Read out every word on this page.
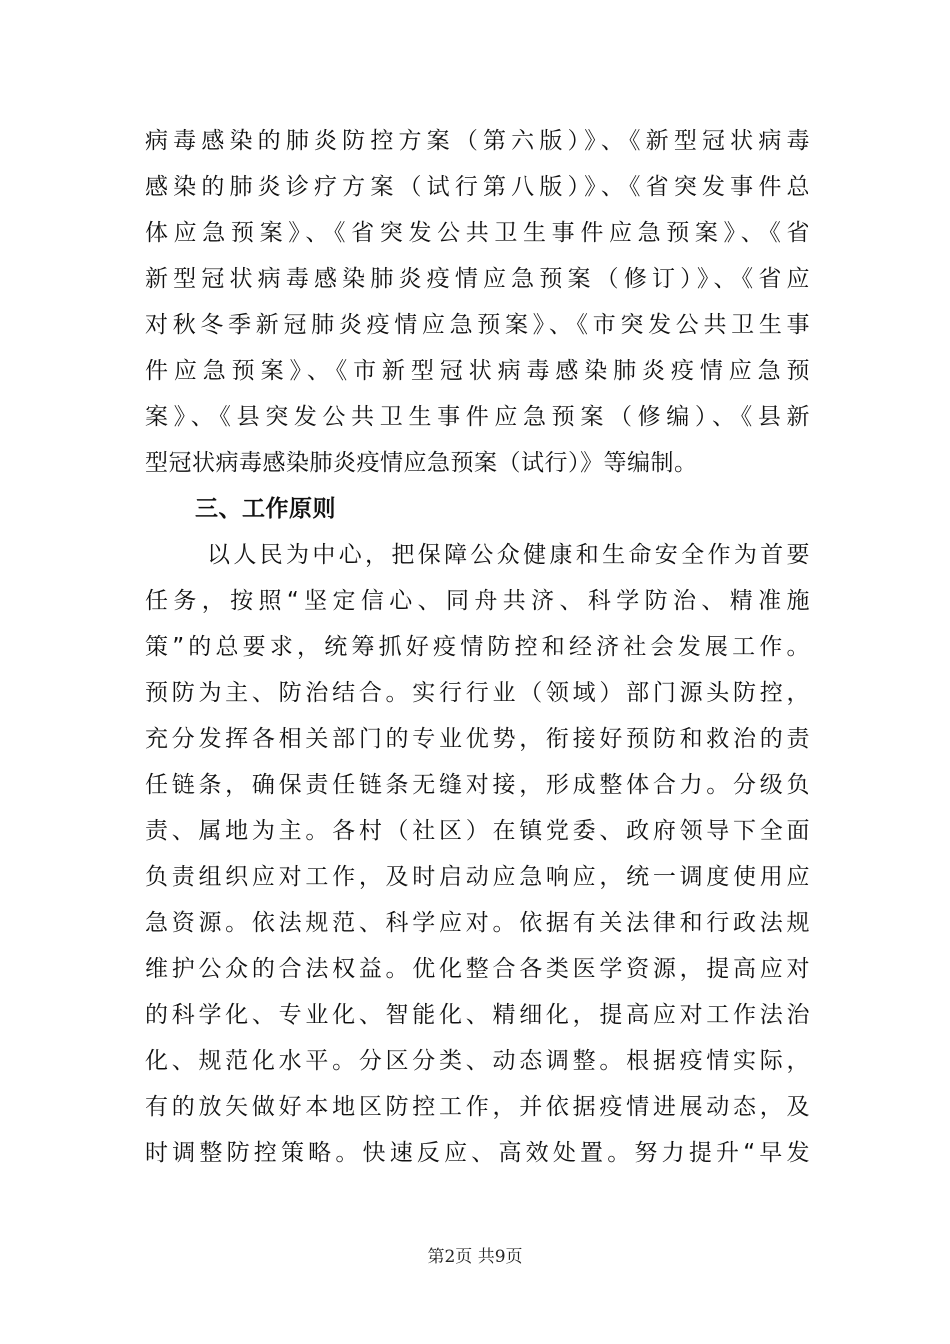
病毒感染的肺炎防控方案（第六版）》、《新型冠状病毒
感染的肺炎诊疗方案（试行第八版）》、《省突发事件总
体应急预案》、《省突发公共卫生事件应急预案》、《省
新型冠状病毒感染肺炎疫情应急预案（修订）》、《省应
对秋冬季新冠肺炎疫情应急预案》、《市突发公共卫生事
件应急预案》、《市新型冠状病毒感染肺炎疫情应急预
案》、《县突发公共卫生事件应急预案（修编）、《县新
型冠状病毒感染肺炎疫情应急预案（试行）》等编制。
三、工作原则
以人民为中心，把保障公众健康和生命安全作为首要
任务，按照“坚定信心、同舟共济、科学防治、精准施
策”的总要求，统筹抓好疫情防控和经济社会发展工作。
预防为主、防治结合。实行行业（领域）部门源头防控，
充分发挥各相关部门的专业优势，衔接好预防和救治的责
任链条，确保责任链条无缝对接，形成整体合力。分级负
责、属地为主。各村（社区）在镇党委、政府领导下全面
负责组织应对工作，及时启动应急响应，统一调度使用应
急资源。依法规范、科学应对。依据有关法律和行政法规
维护公众的合法权益。优化整合各类医学资源，提高应对
的科学化、专业化、智能化、精细化，提高应对工作法治
化、规范化水平。分区分类、动态调整。根据疫情实际，
有的放矢做好本地区防控工作，并依据疫情进展动态，及
时调整防控策略。快速反应、高效处置。努力提升“早发
第2页 共9页
